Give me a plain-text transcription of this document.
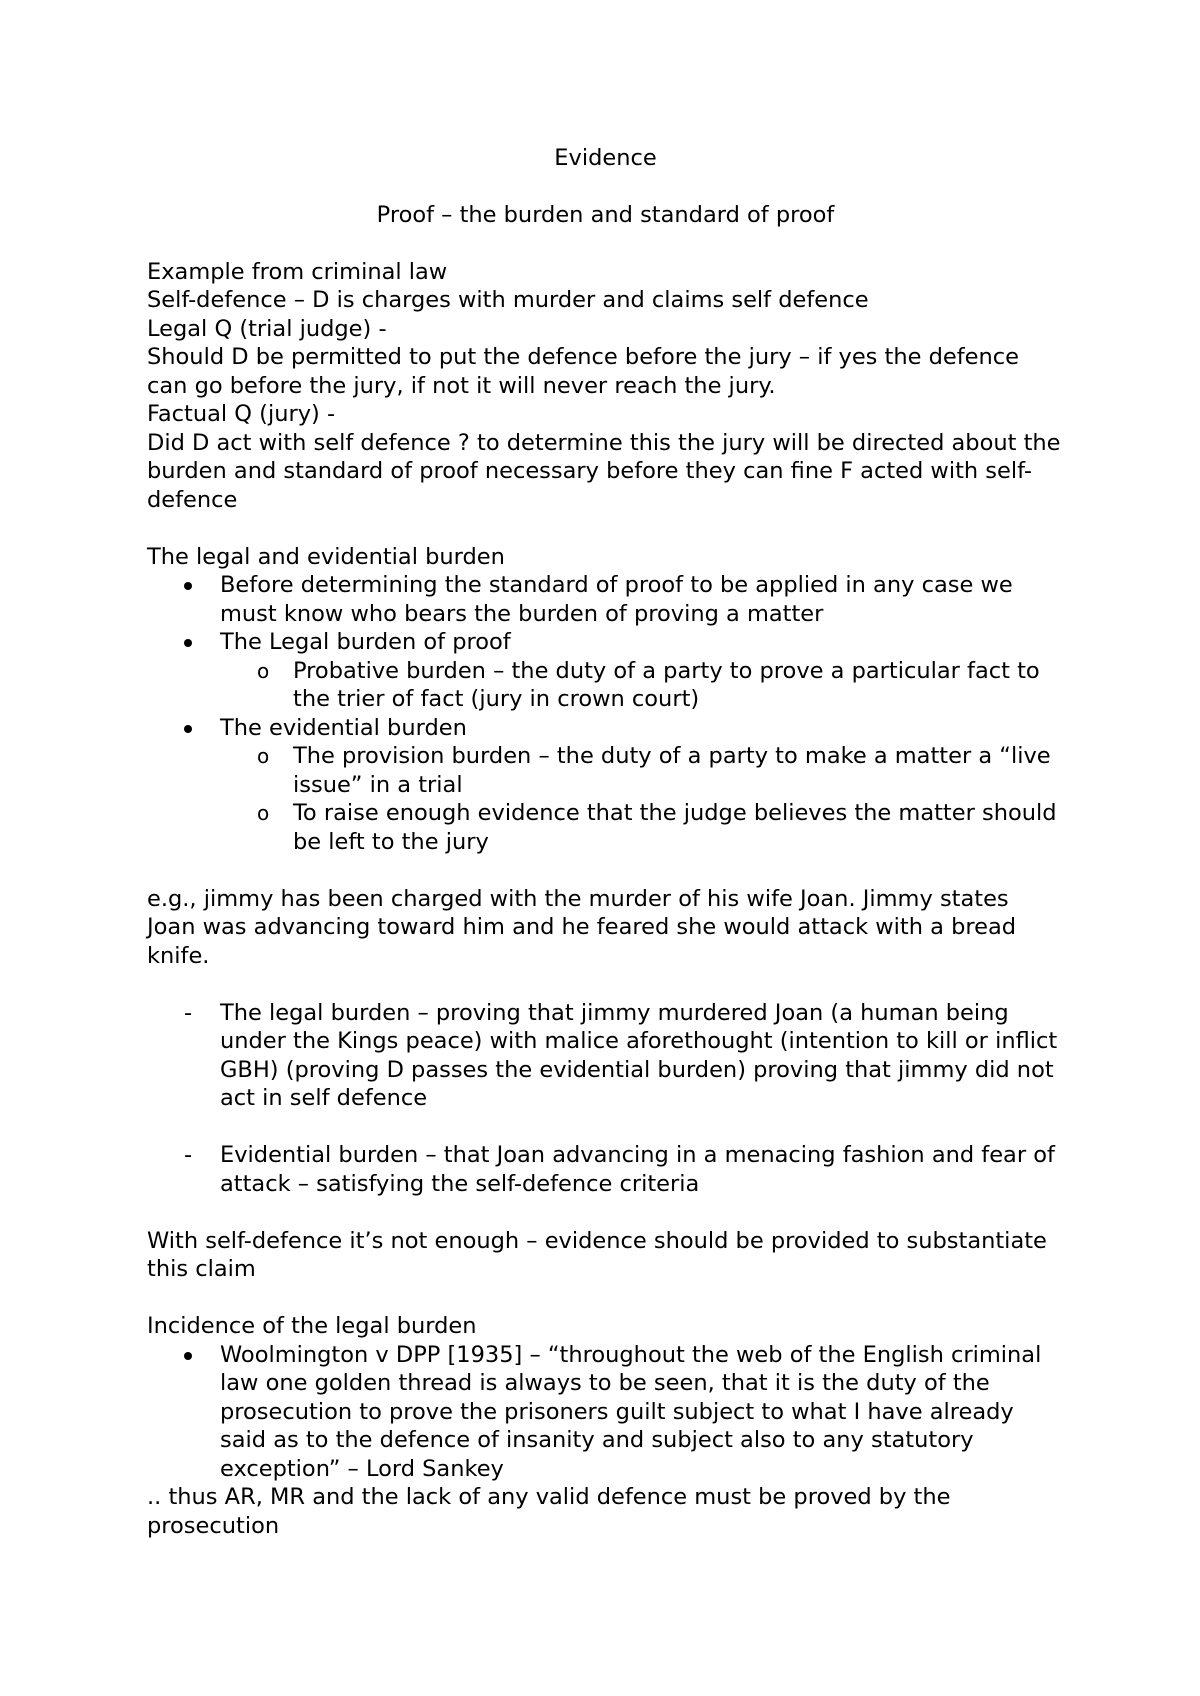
Evidence

Proof – the burden and standard of proof

Example from criminal law

Self-defence – D is charges with murder and claims self defence

Legal Q (trial judge) -

Should D be permitted to put the defence before the jury – if yes the defence can go before the jury, if not it will never reach the jury.

Factual Q (jury) -

Did D act with self defence ? to determine this the jury will be directed about the burden and standard of proof necessary before they can fine F acted with self-defence

The legal and evidential burden

Before determining the standard of proof to be applied in any case we must know who bears the burden of proving a matter
The Legal burden of proof
o Probative burden – the duty of a party to prove a particular fact to the trier of fact (jury in crown court)
The evidential burden
o The provision burden – the duty of a party to make a matter a “live issue” in a trial
o To raise enough evidence that the judge believes the matter should be left to the jury

e.g., jimmy has been charged with the murder of his wife Joan. Jimmy states Joan was advancing toward him and he feared she would attack with a bread knife.

- The legal burden – proving that jimmy murdered Joan (a human being under the Kings peace) with malice aforethought (intention to kill or inflict GBH) (proving D passes the evidential burden) proving that jimmy did not act in self defence
- Evidential burden – that Joan advancing in a menacing fashion and fear of attack – satisfying the self-defence criteria

With self-defence it’s not enough – evidence should be provided to substantiate this claim

Incidence of the legal burden

Woolmington v DPP [1935] – “throughout the web of the English criminal law one golden thread is always to be seen, that it is the duty of the prosecution to prove the prisoners guilt subject to what I have already said as to the defence of insanity and subject also to any statutory exception” – Lord Sankey

.. thus AR, MR and the lack of any valid defence must be proved by the prosecution
